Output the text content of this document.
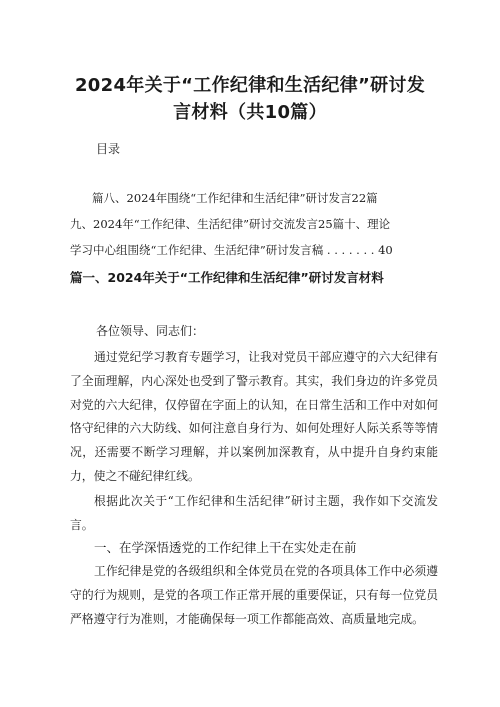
2024年关于“工作纪律和生活纪律”研讨发
言材料（共10篇）
目录
篇八、2024年围绕“工作纪律和生活纪律”研讨发言22篇
九、2024年“工作纪律、生活纪律”研讨交流发言25篇十、理论
学习中心组围绕“工作纪律、生活纪律”研讨发言稿 . . . . . . . 40
篇一、2024年关于“工作纪律和生活纪律”研讨发言材料
各位领导、同志们：
通过党纪学习教育专题学习，让我对党员干部应遵守的六大纪律有了全面理解，内心深处也受到了警示教育。其实，我们身边的许多党员对党的六大纪律，仅停留在字面上的认知，在日常生活和工作中对如何恪守纪律的六大防线、如何注意自身行为、如何处理好人际关系等等情况，还需要不断学习理解，并以案例加深教育，从中提升自身约束能力，使之不碰纪律红线。
根据此次关于“工作纪律和生活纪律”研讨主题，我作如下交流发言。
一、在学深悟透党的工作纪律上干在实处走在前
工作纪律是党的各级组织和全体党员在党的各项具体工作中必须遵守的行为规则，是党的各项工作正常开展的重要保证，只有每一位党员严格遵守行为准则，才能确保每一项工作都能高效、高质量地完成。
